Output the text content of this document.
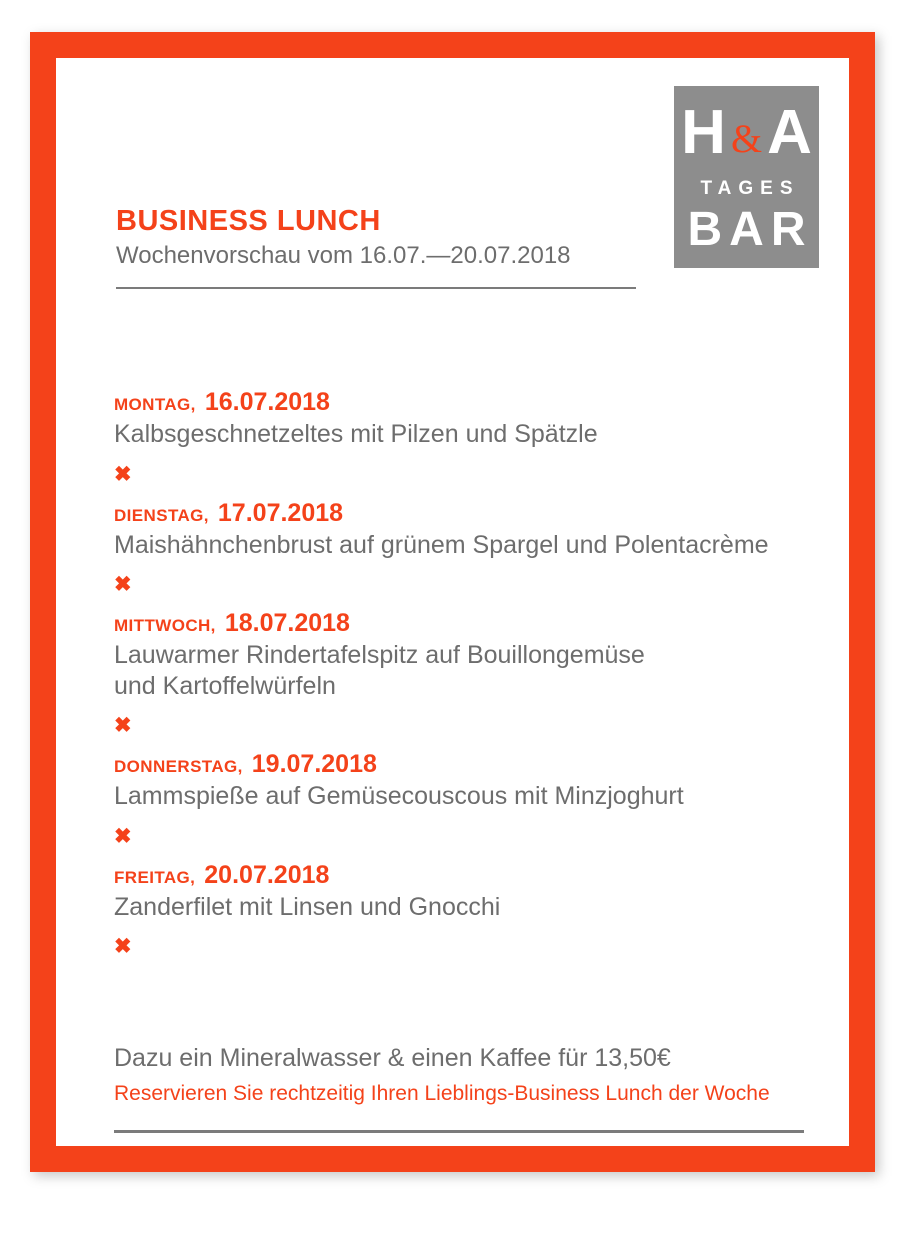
H & A
TAGES
BAR
BUSINESS LUNCH

Wochenvorschau vom 16.07.—20.07.2018

MONTAG, 16.07.2018

Kalbsgeschnetzeltes mit Pilzen und Spätzle

✖
DIENSTAG, 17.07.2018

Maishähnchenbrust auf grünem Spargel und Polentacrème

✖
MITTWOCH, 18.07.2018

Lauwarmer Rindertafelspitz auf Bouillongemüse

und Kartoffelwürfeln

✖
DONNERSTAG, 19.07.2018

Lammspieße auf Gemüsecouscous mit Minzjoghurt

✖
FREITAG, 20.07.2018

Zanderfilet mit Linsen und Gnocchi

✖

Dazu ein Mineralwasser & einen Kaffee für 13,50€

Reservieren Sie rechtzeitig Ihren Lieblings-Business Lunch der Woche
